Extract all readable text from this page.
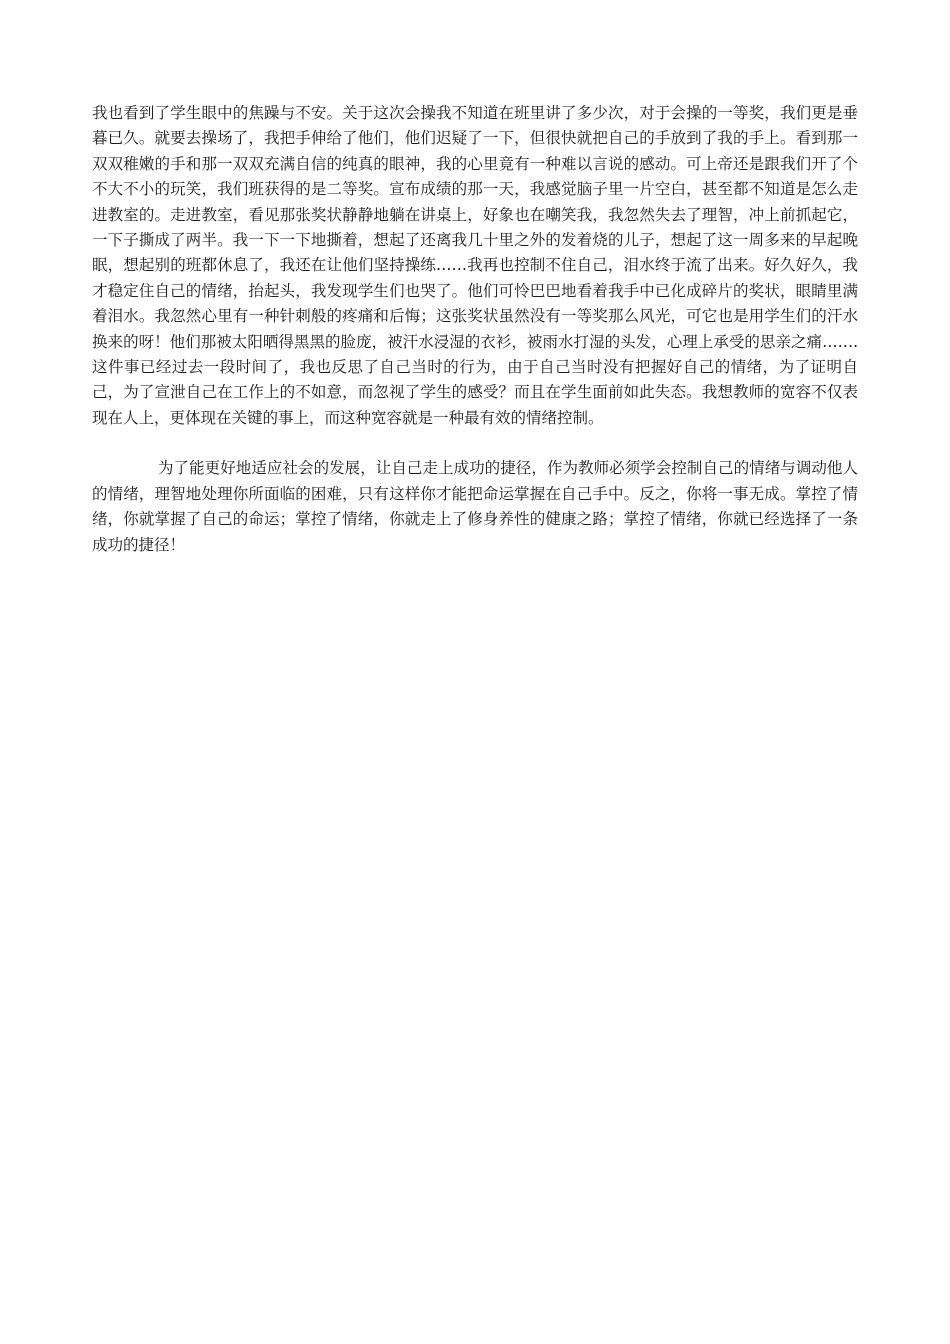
我也看到了学生眼中的焦躁与不安。关于这次会操我不知道在班里讲了多少次，对于会操的一等奖，我们更是垂暮已久。就要去操场了，我把手伸给了他们，他们迟疑了一下，但很快就把自己的手放到了我的手上。看到那一双双稚嫩的手和那一双双充满自信的纯真的眼神，我的心里竟有一种难以言说的感动。可上帝还是跟我们开了个不大不小的玩笑，我们班获得的是二等奖。宣布成绩的那一天，我感觉脑子里一片空白，甚至都不知道是怎么走进教室的。走进教室，看见那张奖状静静地躺在讲桌上，好象也在嘲笑我，我忽然失去了理智，冲上前抓起它，一下子撕成了两半。我一下一下地撕着，想起了还离我几十里之外的发着烧的儿子，想起了这一周多来的早起晚眠，想起别的班都休息了，我还在让他们坚持操练……我再也控制不住自己，泪水终于流了出来。好久好久，我才稳定住自己的情绪，抬起头，我发现学生们也哭了。他们可怜巴巴地看着我手中已化成碎片的奖状，眼睛里满着泪水。我忽然心里有一种针刺般的疼痛和后悔；这张奖状虽然没有一等奖那么风光，可它也是用学生们的汗水换来的呀！他们那被太阳晒得黑黑的脸庞，被汗水浸湿的衣衫，被雨水打湿的头发，心理上承受的思亲之痛……. 这件事已经过去一段时间了，我也反思了自己当时的行为，由于自己当时没有把握好自己的情绪，为了证明自己，为了宣泄自己在工作上的不如意，而忽视了学生的感受？而且在学生面前如此失态。我想教师的宽容不仅表现在人上，更体现在关键的事上，而这种宽容就是一种最有效的情绪控制。

为了能更好地适应社会的发展，让自己走上成功的捷径，作为教师必须学会控制自己的情绪与调动他人的情绪，理智地处理你所面临的困难，只有这样你才能把命运掌握在自己手中。反之，你将一事无成。掌控了情绪，你就掌握了自己的命运；掌控了情绪，你就走上了修身养性的健康之路；掌控了情绪，你就已经选择了一条成功的捷径！
